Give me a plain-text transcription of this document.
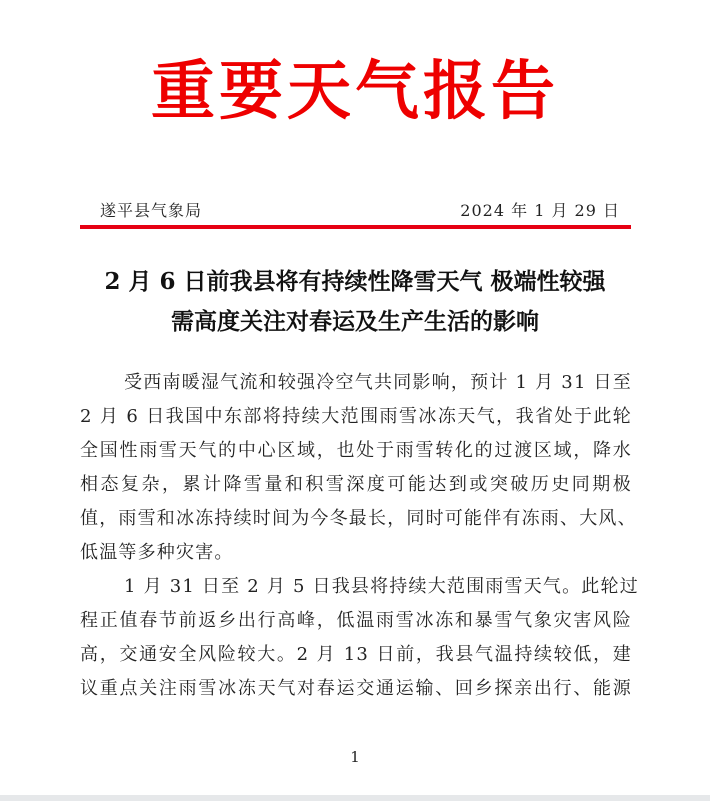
重要天气报告
遂平县气象局	2024 年 1 月 29 日
2 月 6 日前我县将有持续性降雪天气 极端性较强
需高度关注对春运及生产生活的影响
受西南暖湿气流和较强冷空气共同影响，预计 1 月 31 日至
2 月 6 日我国中东部将持续大范围雨雪冰冻天气，我省处于此轮
全国性雨雪天气的中心区域，也处于雨雪转化的过渡区域，降水
相态复杂，累计降雪量和积雪深度可能达到或突破历史同期极
值，雨雪和冰冻持续时间为今冬最长，同时可能伴有冻雨、大风、
低温等多种灾害。
1 月 31 日至 2 月 5 日我县将持续大范围雨雪天气。此轮过
程正值春节前返乡出行高峰，低温雨雪冰冻和暴雪气象灾害风险
高，交通安全风险较大。2 月 13 日前，我县气温持续较低，建
议重点关注雨雪冰冻天气对春运交通运输、回乡探亲出行、能源
1
